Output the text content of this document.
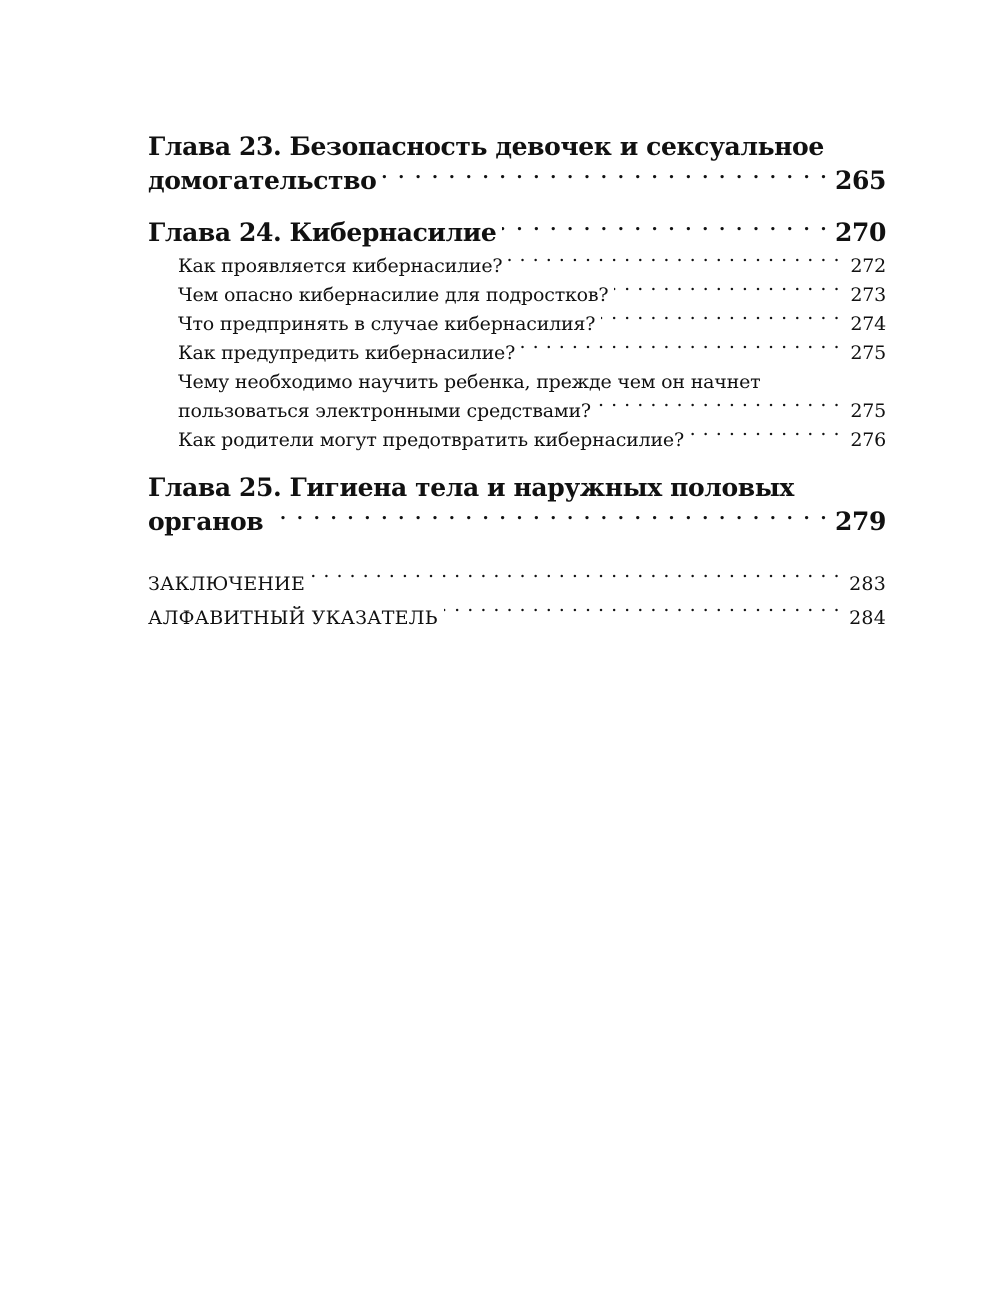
Глава 23. Безопасность девочек и сексуальное
домогательство . . .	265
Глава 24. Кибернасилие . . .	270
Как проявляется кибернасилие? . . .	272
Чем опасно кибернасилие для подростков? . . .	273
Что предпринять в случае кибернасилия? . . .	274
Как предупредить кибернасилие? . . .	275
Чему необходимо научить ребенка, прежде чем он начнет
пользоваться электронными средствами? . . .	275
Как родители могут предотвратить кибернасилие? . . .	276
Глава 25. Гигиена тела и наружных половых
органов . . .	279
ЗАКЛЮЧЕНИЕ . . .	283
АЛФАВИТНЫЙ УКАЗАТЕЛЬ . . .	284
